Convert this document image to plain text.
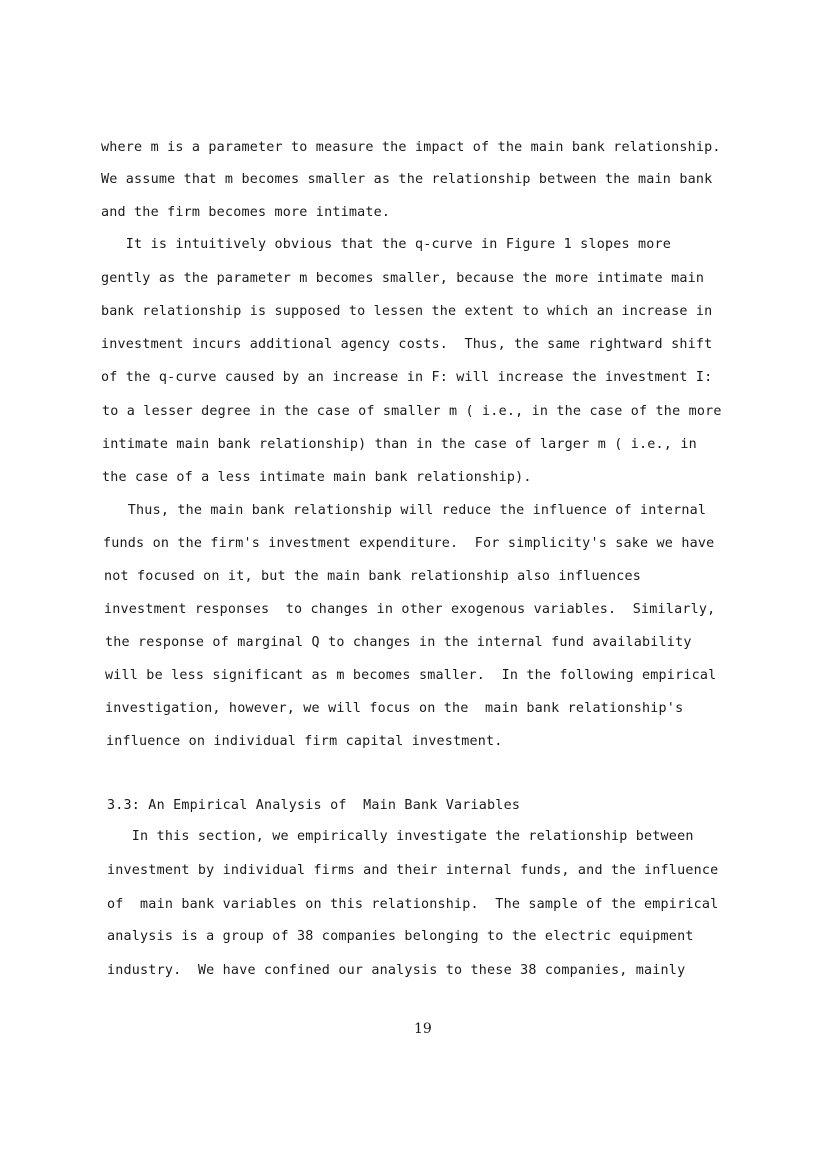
where m is a parameter to measure the impact of the main bank relationship.
We assume that m becomes smaller as the relationship between the main bank
and the firm becomes more intimate.
It is intuitively obvious that the q-curve in Figure 1 slopes more
gently as the parameter m becomes smaller, because the more intimate main
bank relationship is supposed to lessen the extent to which an increase in
investment incurs additional agency costs.  Thus, the same rightward shift
of the q-curve caused by an increase in F: will increase the investment I:
to a lesser degree in the case of smaller m ( i.e., in the case of the more
intimate main bank relationship) than in the case of larger m ( i.e., in
the case of a less intimate main bank relationship).
Thus, the main bank relationship will reduce the influence of internal
funds on the firm's investment expenditure.  For simplicity's sake we have
not focused on it, but the main bank relationship also influences
investment responses  to changes in other exogenous variables.  Similarly,
the response of marginal Q to changes in the internal fund availability
will be less significant as m becomes smaller.  In the following empirical
investigation, however, we will focus on the  main bank relationship's
influence on individual firm capital investment.
3.3: An Empirical Analysis of  Main Bank Variables
In this section, we empirically investigate the relationship between
investment by individual firms and their internal funds, and the influence
of  main bank variables on this relationship.  The sample of the empirical
analysis is a group of 38 companies belonging to the electric equipment
industry.  We have confined our analysis to these 38 companies, mainly
19
